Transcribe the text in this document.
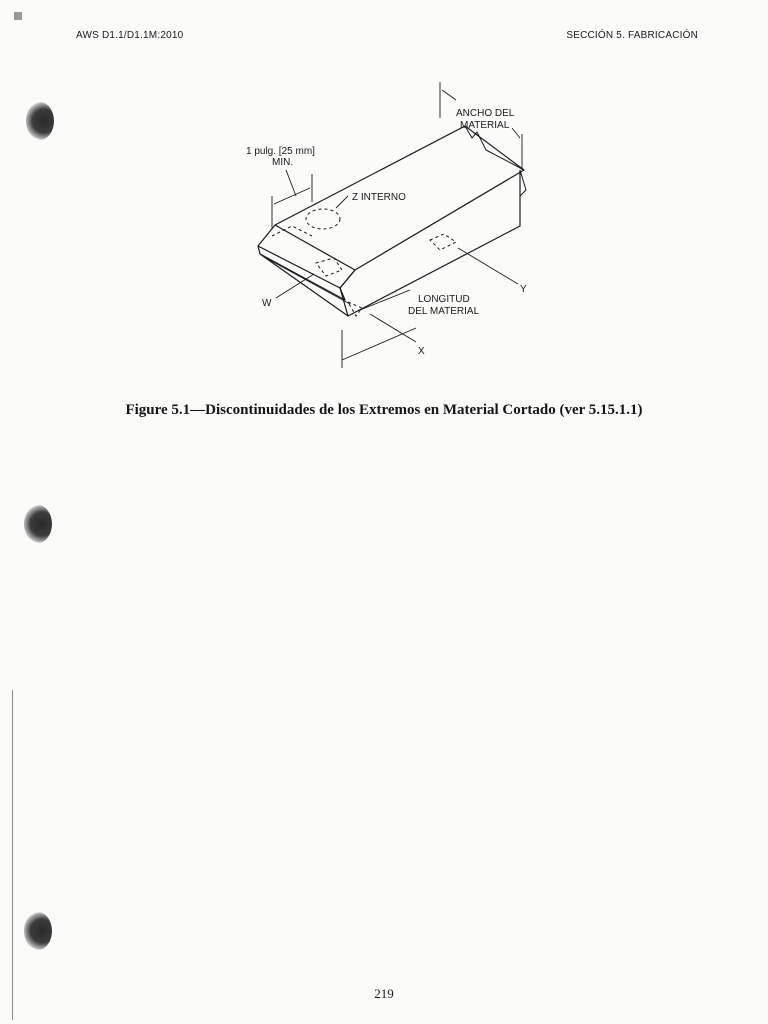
AWS D1.1/D1.1M:2010	SECCIÓN 5. FABRICACIÓN
ANCHO DEL
MATERIAL
1 pulg. [25 mm]
MIN.
Z INTERNO
W
Y
LONGITUD
DEL MATERIAL
X
Figure 5.1—Discontinuidades de los Extremos en Material Cortado (ver 5.15.1.1)
219
